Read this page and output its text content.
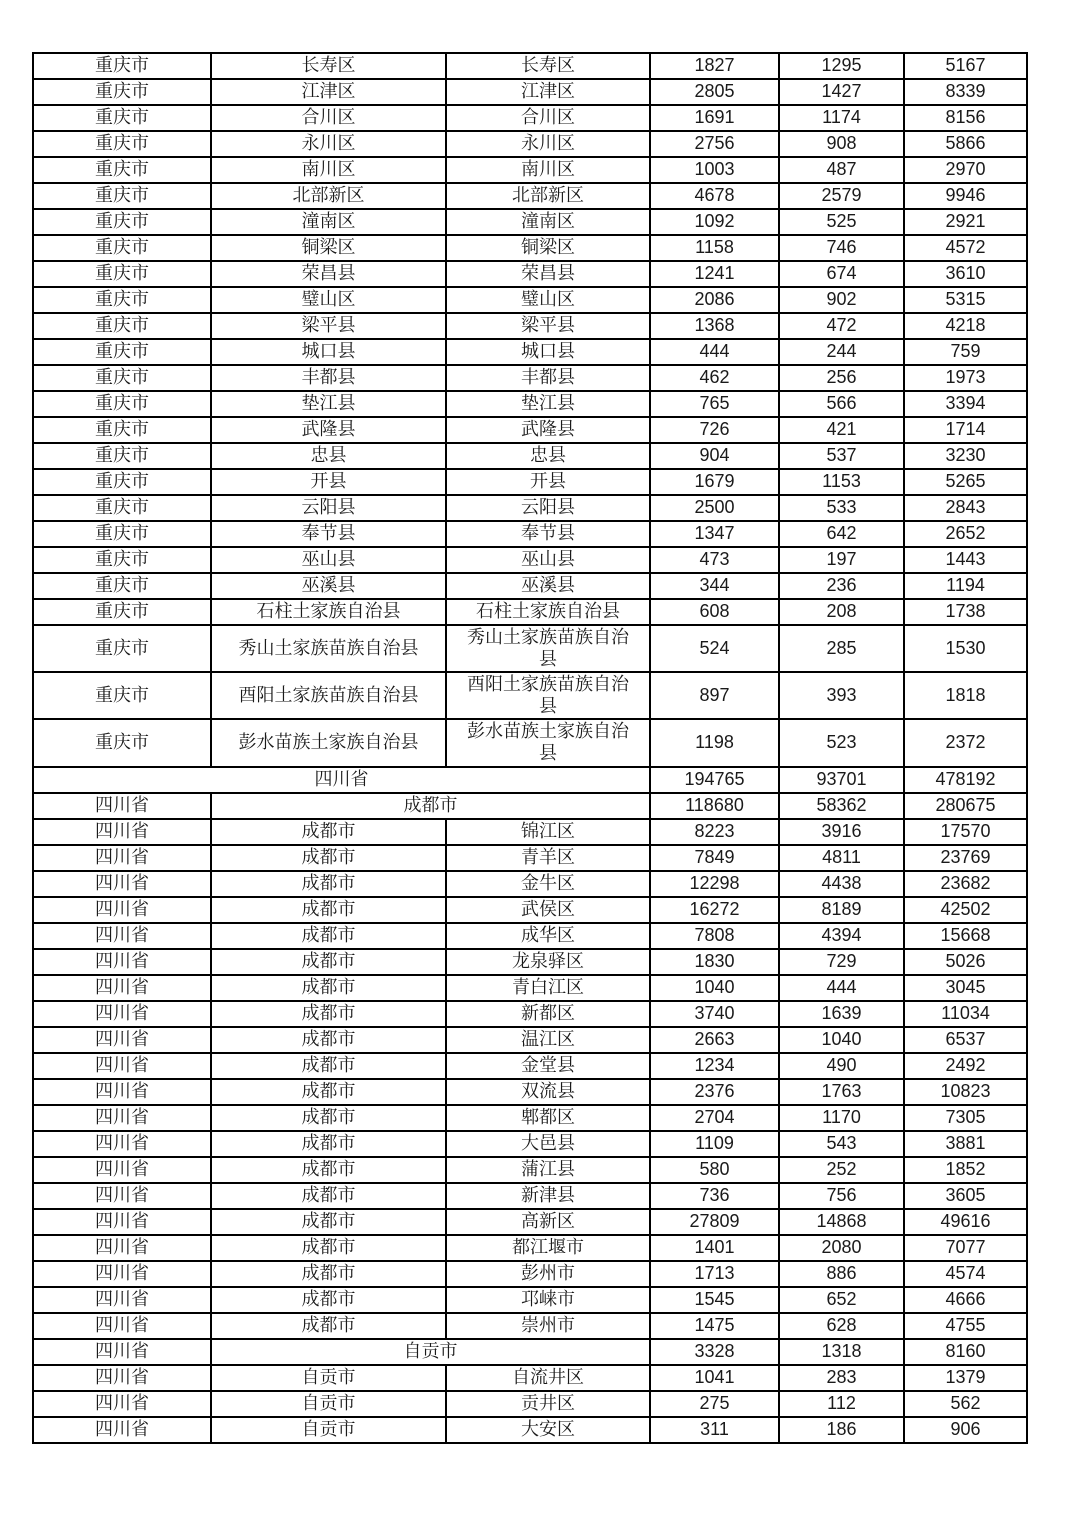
重庆市	长寿区	长寿区	1827	1295	5167
重庆市	江津区	江津区	2805	1427	8339
重庆市	合川区	合川区	1691	1174	8156
重庆市	永川区	永川区	2756	908	5866
重庆市	南川区	南川区	1003	487	2970
重庆市	北部新区	北部新区	4678	2579	9946
重庆市	潼南区	潼南区	1092	525	2921
重庆市	铜梁区	铜梁区	1158	746	4572
重庆市	荣昌县	荣昌县	1241	674	3610
重庆市	璧山区	璧山区	2086	902	5315
重庆市	梁平县	梁平县	1368	472	4218
重庆市	城口县	城口县	444	244	759
重庆市	丰都县	丰都县	462	256	1973
重庆市	垫江县	垫江县	765	566	3394
重庆市	武隆县	武隆县	726	421	1714
重庆市	忠县	忠县	904	537	3230
重庆市	开县	开县	1679	1153	5265
重庆市	云阳县	云阳县	2500	533	2843
重庆市	奉节县	奉节县	1347	642	2652
重庆市	巫山县	巫山县	473	197	1443
重庆市	巫溪县	巫溪县	344	236	1194
重庆市	石柱土家族自治县	石柱土家族自治县	608	208	1738
重庆市	秀山土家族苗族自治县	秀山土家族苗族自治县	524	285	1530
重庆市	酉阳土家族苗族自治县	酉阳土家族苗族自治县	897	393	1818
重庆市	彭水苗族土家族自治县	彭水苗族土家族自治县	1198	523	2372
四川省			194765	93701	478192
四川省	成都市		118680	58362	280675
四川省	成都市	锦江区	8223	3916	17570
四川省	成都市	青羊区	7849	4811	23769
四川省	成都市	金牛区	12298	4438	23682
四川省	成都市	武侯区	16272	8189	42502
四川省	成都市	成华区	7808	4394	15668
四川省	成都市	龙泉驿区	1830	729	5026
四川省	成都市	青白江区	1040	444	3045
四川省	成都市	新都区	3740	1639	11034
四川省	成都市	温江区	2663	1040	6537
四川省	成都市	金堂县	1234	490	2492
四川省	成都市	双流县	2376	1763	10823
四川省	成都市	郫都区	2704	1170	7305
四川省	成都市	大邑县	1109	543	3881
四川省	成都市	蒲江县	580	252	1852
四川省	成都市	新津县	736	756	3605
四川省	成都市	高新区	27809	14868	49616
四川省	成都市	都江堰市	1401	2080	7077
四川省	成都市	彭州市	1713	886	4574
四川省	成都市	邛崃市	1545	652	4666
四川省	成都市	崇州市	1475	628	4755
四川省	自贡市		3328	1318	8160
四川省	自贡市	自流井区	1041	283	1379
四川省	自贡市	贡井区	275	112	562
四川省	自贡市	大安区	311	186	906
